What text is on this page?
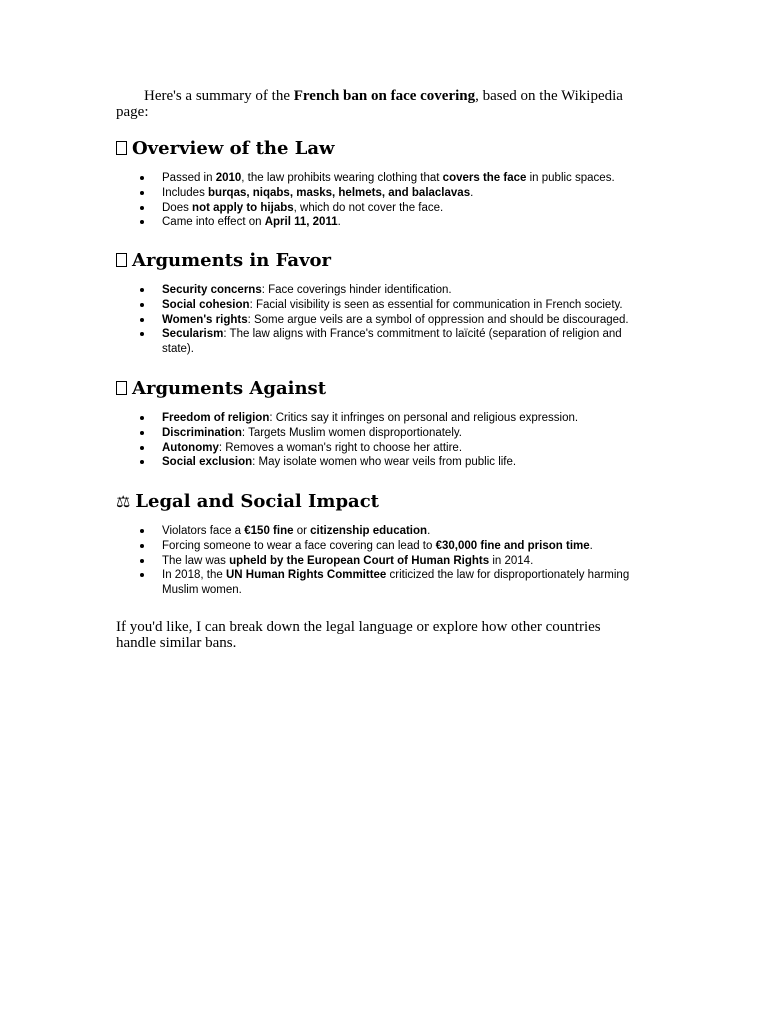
Here's a summary of the French ban on face covering, based on the Wikipedia page:

Overview of the Law
Passed in 2010, the law prohibits wearing clothing that covers the face in public spaces.
Includes burqas, niqabs, masks, helmets, and balaclavas.
Does not apply to hijabs, which do not cover the face.
Came into effect on April 11, 2011.
Arguments in Favor
Security concerns: Face coverings hinder identification.
Social cohesion: Facial visibility is seen as essential for communication in French society.
Women's rights: Some argue veils are a symbol of oppression and should be discouraged.
Secularism: The law aligns with France's commitment to laïcité (separation of religion and state).
Arguments Against
Freedom of religion: Critics say it infringes on personal and religious expression.
Discrimination: Targets Muslim women disproportionately.
Autonomy: Removes a woman's right to choose her attire.
Social exclusion: May isolate women who wear veils from public life.
⚖ Legal and Social Impact
Violators face a €150 fine or citizenship education.
Forcing someone to wear a face covering can lead to €30,000 fine and prison time.
The law was upheld by the European Court of Human Rights in 2014.
In 2018, the UN Human Rights Committee criticized the law for disproportionately harming Muslim women.

If you'd like, I can break down the legal language or explore how other countries handle similar bans.
